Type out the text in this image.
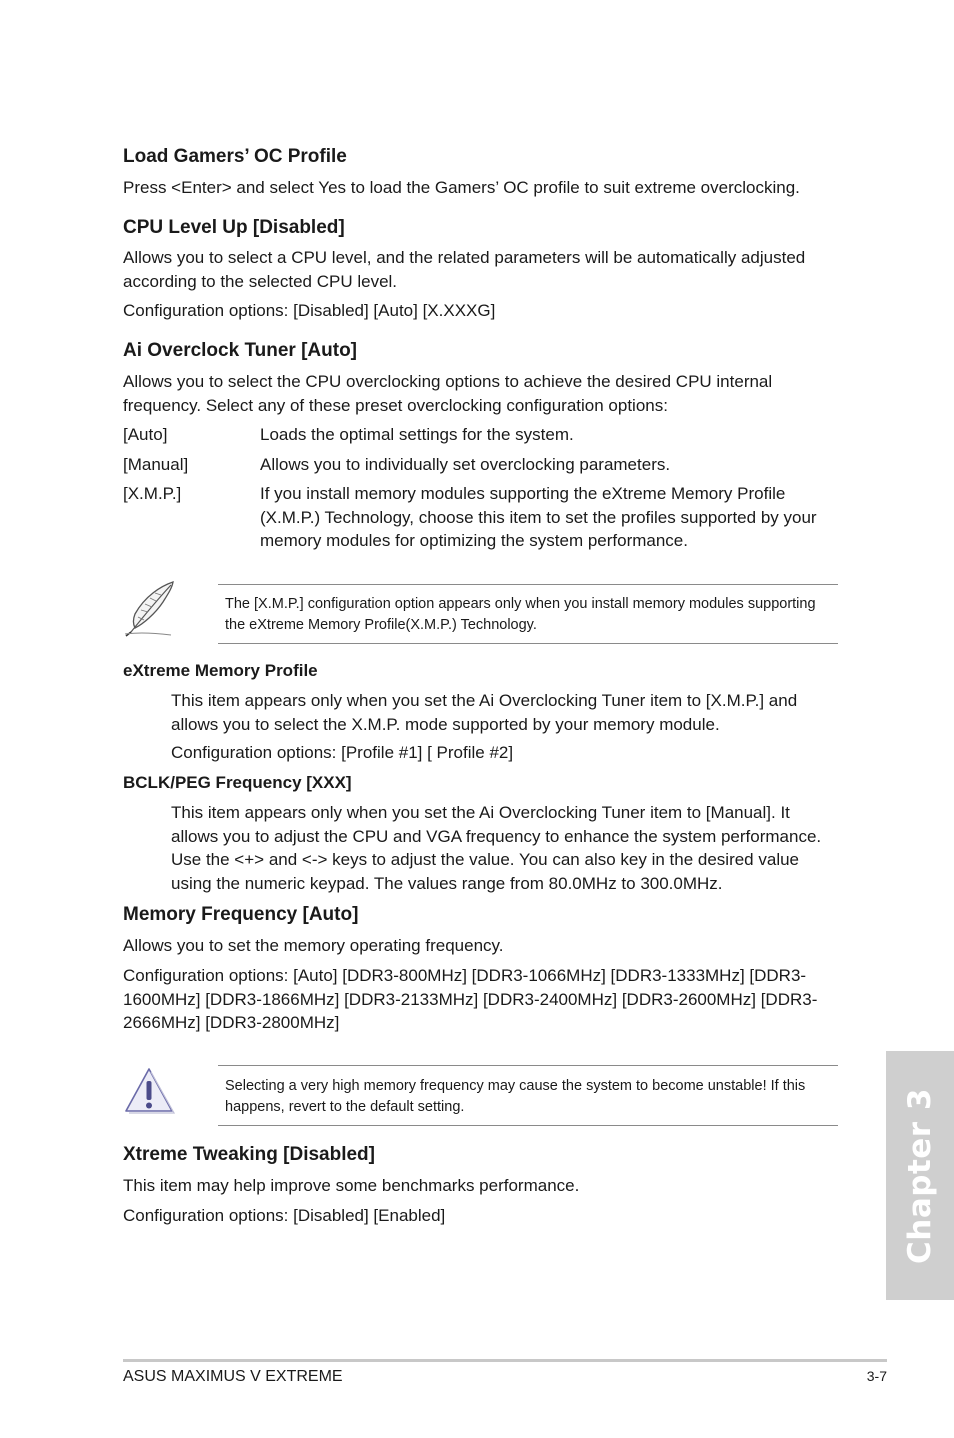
Load Gamers’ OC Profile

Press <Enter> and select Yes to load the Gamers’ OC profile to suit extreme overclocking.

CPU Level Up [Disabled]

Allows you to select a CPU level, and the related parameters will be automatically adjusted according to the selected CPU level.

Configuration options: [Disabled] [Auto] [X.XXXG]

Ai Overclock Tuner [Auto]

Allows you to select the CPU overclocking options to achieve the desired CPU internal frequency. Select any of these preset overclocking configuration options:

[Auto]	Loads the optimal settings for the system.
[Manual]	Allows you to individually set overclocking parameters.
[X.M.P.]	If you install memory modules supporting the eXtreme Memory Profile (X.M.P.) Technology, choose this item to set the profiles supported by your memory modules for optimizing the system performance.
The [X.M.P.] configuration option appears only when you install memory modules supporting the eXtreme Memory Profile(X.M.P.) Technology.
eXtreme Memory Profile

This item appears only when you set the Ai Overclocking Tuner item to [X.M.P.] and allows you to select the X.M.P. mode supported by your memory module.

Configuration options: [Profile #1] [ Profile #2]

BCLK/PEG Frequency [XXX]

This item appears only when you set the Ai Overclocking Tuner item to [Manual]. It allows you to adjust the CPU and VGA frequency to enhance the system performance. Use the <+> and <-> keys to adjust the value. You can also key in the desired value using the numeric keypad. The values range from 80.0MHz to 300.0MHz.

Memory Frequency [Auto]

Allows you to set the memory operating frequency.

Configuration options: [Auto] [DDR3-800MHz] [DDR3-1066MHz] [DDR3-1333MHz] [DDR3-1600MHz] [DDR3-1866MHz] [DDR3-2133MHz] [DDR3-2400MHz] [DDR3-2600MHz] [DDR3-2666MHz] [DDR3-2800MHz]

Selecting a very high memory frequency may cause the system to become unstable! If this happens, revert to the default setting.
Xtreme Tweaking [Disabled]

This item may help improve some benchmarks performance.

Configuration options: [Disabled] [Enabled]	Chapter 3
ASUS MAXIMUS V EXTREME	3-7
